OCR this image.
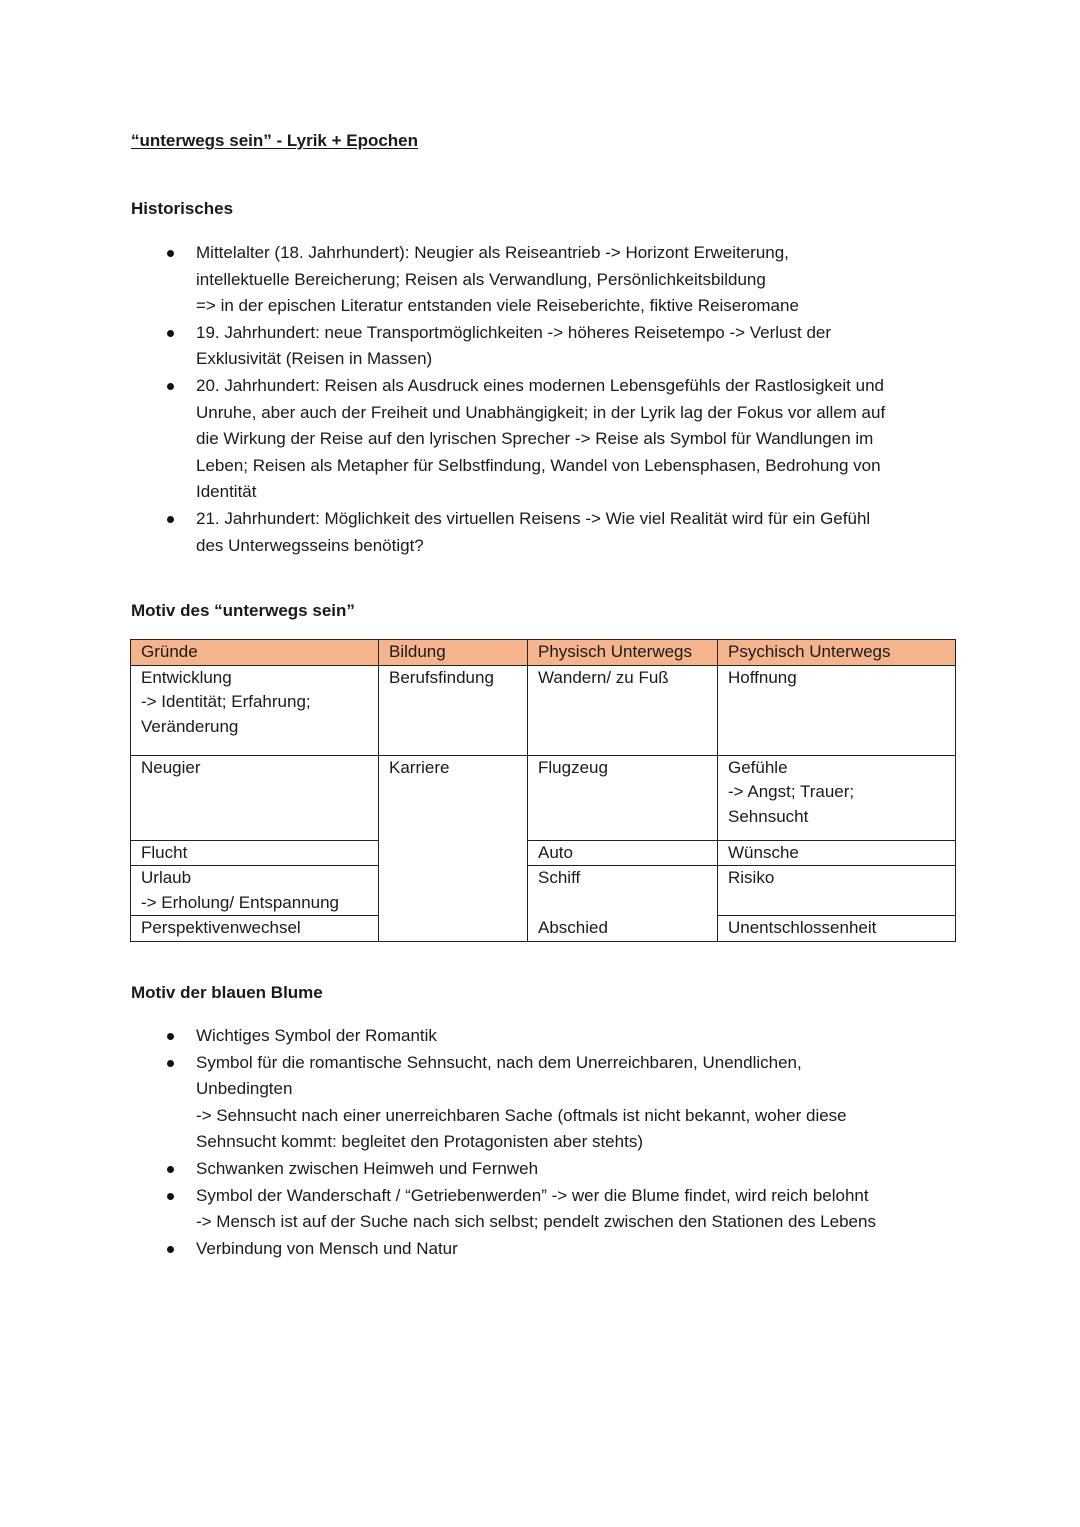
“unterwegs sein” - Lyrik + Epochen
Historisches
Mittelalter (18. Jahrhundert): Neugier als Reiseantrieb -> Horizont Erweiterung,
intellektuelle Bereicherung; Reisen als Verwandlung, Persönlichkeitsbildung
=> in der epischen Literatur entstanden viele Reiseberichte, fiktive Reiseromane
19. Jahrhundert: neue Transportmöglichkeiten -> höheres Reisetempo -> Verlust der
Exklusivität (Reisen in Massen)
20. Jahrhundert: Reisen als Ausdruck eines modernen Lebensgefühls der Rastlosigkeit und
Unruhe, aber auch der Freiheit und Unabhängigkeit; in der Lyrik lag der Fokus vor allem auf
die Wirkung der Reise auf den lyrischen Sprecher -> Reise als Symbol für Wandlungen im
Leben; Reisen als Metapher für Selbstfindung, Wandel von Lebensphasen, Bedrohung von
Identität
21. Jahrhundert: Möglichkeit des virtuellen Reisens -> Wie viel Realität wird für ein Gefühl
des Unterwegsseins benötigt?
Motiv des “unterwegs sein”
Gründe	Bildung	Physisch Unterwegs	Psychisch Unterwegs

Entwicklung
-> Identität; Erfahrung;
Veränderung	Berufsfindung	Wandern/ zu Fuß	Hoffnung
Neugier	Karriere	Flugzeug	Gefühle
-> Angst; Trauer;
Sehnsucht

Flucht		Auto	Wünsche

Urlaub
-> Erholung/ Entspannung		Schiff	Risiko
Perspektivenwechsel		Abschied	Unentschlossenheit
Motiv der blauen Blume
Wichtiges Symbol der Romantik
Symbol für die romantische Sehnsucht, nach dem Unerreichbaren, Unendlichen,
Unbedingten
-> Sehnsucht nach einer unerreichbaren Sache (oftmals ist nicht bekannt, woher diese
Sehnsucht kommt: begleitet den Protagonisten aber stehts)
Schwanken zwischen Heimweh und Fernweh
Symbol der Wanderschaft / “Getriebenwerden” -> wer die Blume findet, wird reich belohnt
-> Mensch ist auf der Suche nach sich selbst; pendelt zwischen den Stationen des Lebens
Verbindung von Mensch und Natur
